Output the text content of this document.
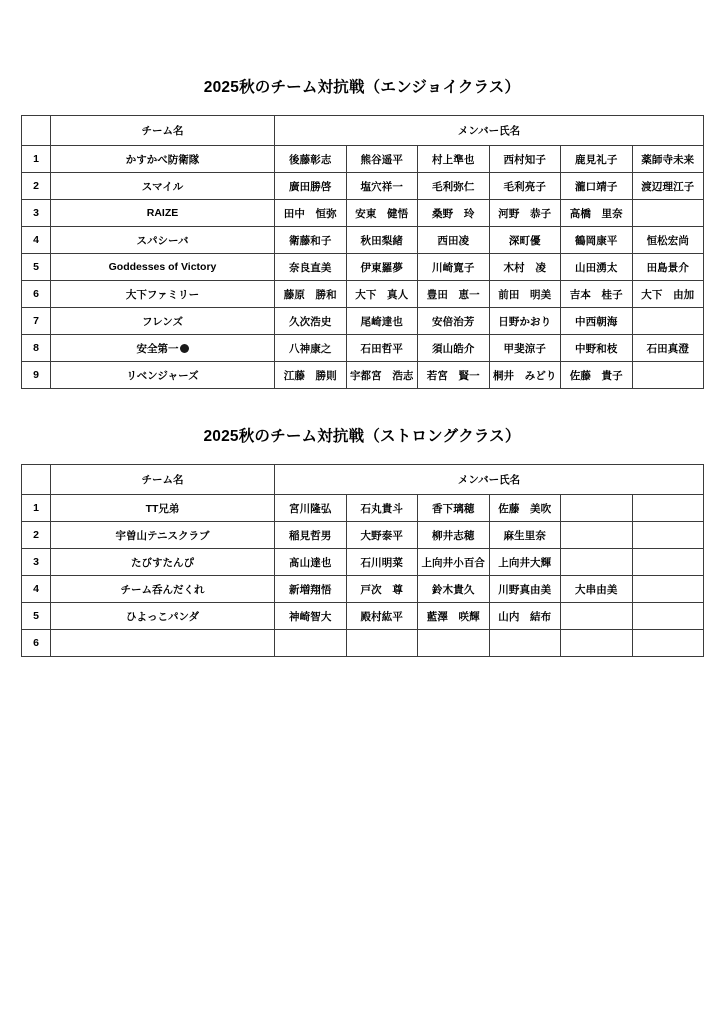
2025秋のチーム対抗戦（エンジョイクラス）
	チーム名	メンバー氏名					
1	かすかべ防衛隊	後藤彰志	熊谷遥平	村上準也	西村知子	鹿見礼子	薬師寺未来
2	スマイル	廣田勝啓	塩穴祥一	毛利弥仁	毛利亮子	瀧口靖子	渡辺理江子
3	RAIZE	田中　恒弥	安東　健悟	桑野　玲	河野　恭子	高橋　里奈	
4	スパシーバ	衛藤和子	秋田梨緒	西田凌	深町優	鶴岡康平	恒松宏尚
5	Goddesses of Victory	奈良直美	伊東羅夢	川崎寛子	木村　凌	山田湧太	田島景介
6	大下ファミリー	藤原　勝和	大下　真人	豊田　恵一	前田　明美	吉本　桂子	大下　由加
7	フレンズ	久次浩史	尾崎達也	安倍治芳	日野かおり	中西朝海	
8	安全第一	八神康之	石田哲平	須山皓介	甲斐涼子	中野和枝	石田真澄
9	リベンジャーズ	江藤　勝則	宇都宮　浩志	若宮　賢一	桐井　みどり	佐藤　貴子	
2025秋のチーム対抗戦（ストロングクラス）
	チーム名	メンバー氏名					
1	TT兄弟	宮川隆弘	石丸貴斗	香下璃穂	佐藤　美吹		
2	宇曽山テニスクラブ	稲見哲男	大野泰平	柳井志穂	麻生里奈		
3	たびすたんぴ	髙山達也	石川明菜	上向井小百合	上向井大輝		
4	チーム呑んだくれ	新増翔悟	戸次　尊	鈴木貴久	川野真由美	大串由美	
5	ひよっこパンダ	神崎智大	殿村紘平	藍澤　咲輝	山内　結布		
6							
